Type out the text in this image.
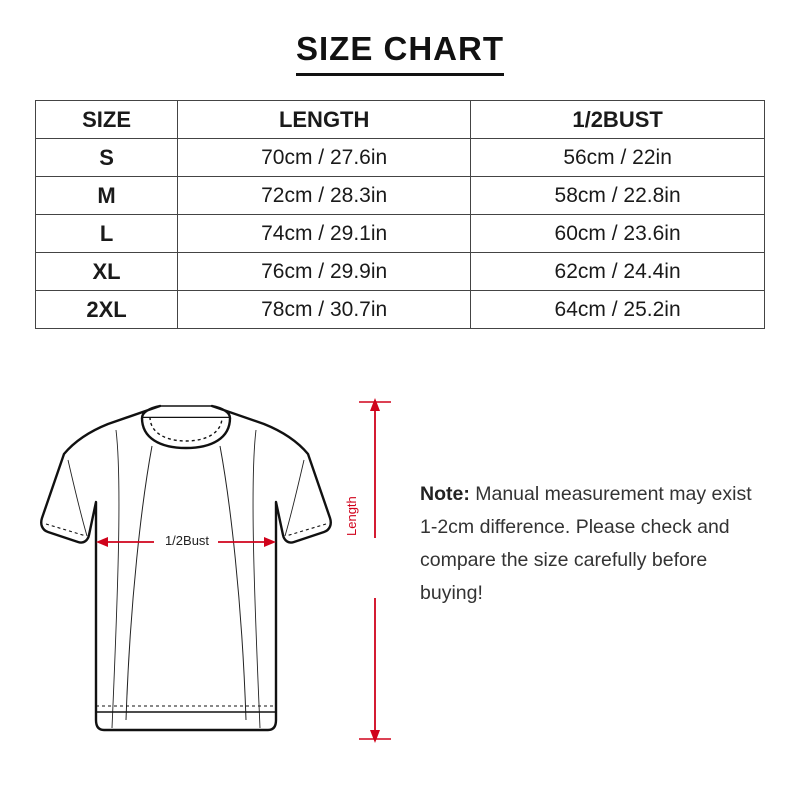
SIZE CHART
SIZE	LENGTH	1/2BUST
S	70cm / 27.6in	56cm / 22in
M	72cm / 28.3in	58cm / 22.8in
L	74cm / 29.1in	60cm / 23.6in
XL	76cm / 29.9in	62cm / 24.4in
2XL	78cm / 30.7in	64cm / 25.2in
1/2Bust
Length
Note: Manual measurement may exist 1-2cm difference. Please check and compare the size carefully before buying!
